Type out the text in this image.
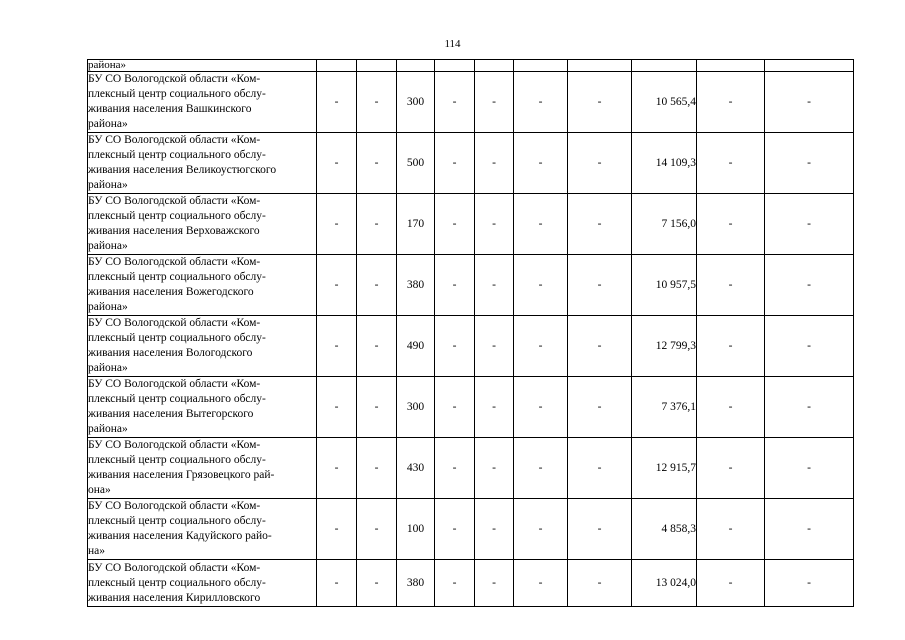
114
района»										

БУ СО Вологодской области «Ком-
плексный центр социального обслу-
живания населения Вашкинского
района»	-	-	300	-	-	-	-	10 565,4	-	-

БУ СО Вологодской области «Ком-
плексный центр социального обслу-
живания населения Великоустюгского
района»	-	-	500	-	-	-	-	14 109,3	-	-

БУ СО Вологодской области «Ком-
плексный центр социального обслу-
живания населения Верховажского
района»	-	-	170	-	-	-	-	7 156,0	-	-

БУ СО Вологодской области «Ком-
плексный центр социального обслу-
живания населения Вожегодского
района»	-	-	380	-	-	-	-	10 957,5	-	-

БУ СО Вологодской области «Ком-
плексный центр социального обслу-
живания населения Вологодского
района»	-	-	490	-	-	-	-	12 799,3	-	-

БУ СО Вологодской области «Ком-
плексный центр социального обслу-
живания населения Вытегорского
района»	-	-	300	-	-	-	-	7 376,1	-	-

БУ СО Вологодской области «Ком-
плексный центр социального обслу-
живания населения Грязовецкого рай-
она»	-	-	430	-	-	-	-	12 915,7	-	-

БУ СО Вологодской области «Ком-
плексный центр социального обслу-
живания населения Кадуйского райо-
на»	-	-	100	-	-	-	-	4 858,3	-	-

БУ СО Вологодской области «Ком-
плексный центр социального обслу-
живания населения Кирилловского	-	-	380	-	-	-	-	13 024,0	-	-
